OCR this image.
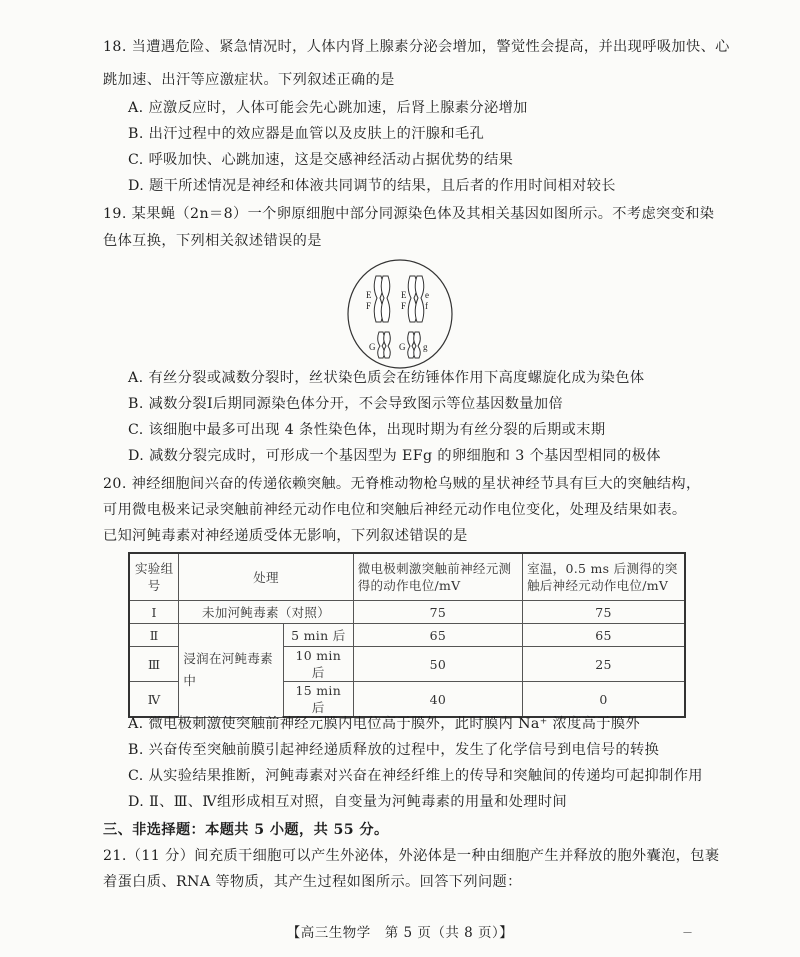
18. 当遭遇危险、紧急情况时，人体内肾上腺素分泌会增加，警觉性会提高，并出现呼吸加快、心
跳加速、出汗等应激症状。下列叙述正确的是
A. 应激反应时，人体可能会先心跳加速，后肾上腺素分泌增加
B. 出汗过程中的效应器是血管以及皮肤上的汗腺和毛孔
C. 呼吸加快、心跳加速，这是交感神经活动占据优势的结果
D. 题干所述情况是神经和体液共同调节的结果，且后者的作用时间相对较长
19. 某果蝇（2n＝8）一个卵原细胞中部分同源染色体及其相关基因如图所示。不考虑突变和染
色体互换，下列相关叙述错误的是
E
F
E
F
e
f
G	G g
A. 有丝分裂或减数分裂时，丝状染色质会在纺锤体作用下高度螺旋化成为染色体
B. 减数分裂Ⅰ后期同源染色体分开，不会导致图示等位基因数量加倍
C. 该细胞中最多可出现 4 条性染色体，出现时期为有丝分裂的后期或末期
D. 减数分裂完成时，可形成一个基因型为 EFg 的卵细胞和 3 个基因型相同的极体
20. 神经细胞间兴奋的传递依赖突触。无脊椎动物枪乌贼的星状神经节具有巨大的突触结构，
可用微电极来记录突触前神经元动作电位和突触后神经元动作电位变化，处理及结果如表。
已知河鲀毒素对神经递质受体无影响，下列叙述错误的是
实验组号	处理		微电极刺激突触前神经元测得的动作电位/mV	室温，0.5 ms 后测得的突触后神经元动作电位/mV
Ⅰ	未加河鲀毒素（对照）		75	75
Ⅱ	浸润在河鲀毒素中	5 min 后	65	65
Ⅲ		10 min 后	50	25
Ⅳ		15 min 后	40	0
A. 微电极刺激使突触前神经元膜内电位高于膜外，此时膜内 Na⁺ 浓度高于膜外
B. 兴奋传至突触前膜引起神经递质释放的过程中，发生了化学信号到电信号的转换
C. 从实验结果推断，河鲀毒素对兴奋在神经纤维上的传导和突触间的传递均可起抑制作用
D. Ⅱ、Ⅲ、Ⅳ组形成相互对照，自变量为河鲀毒素的用量和处理时间
三、非选择题：本题共 5 小题，共 55 分。
21.（11 分）间充质干细胞可以产生外泌体，外泌体是一种由细胞产生并释放的胞外囊泡，包裹
着蛋白质、RNA 等物质，其产生过程如图所示。回答下列问题：
【高三生物学　第 5 页（共 8 页）】	—
